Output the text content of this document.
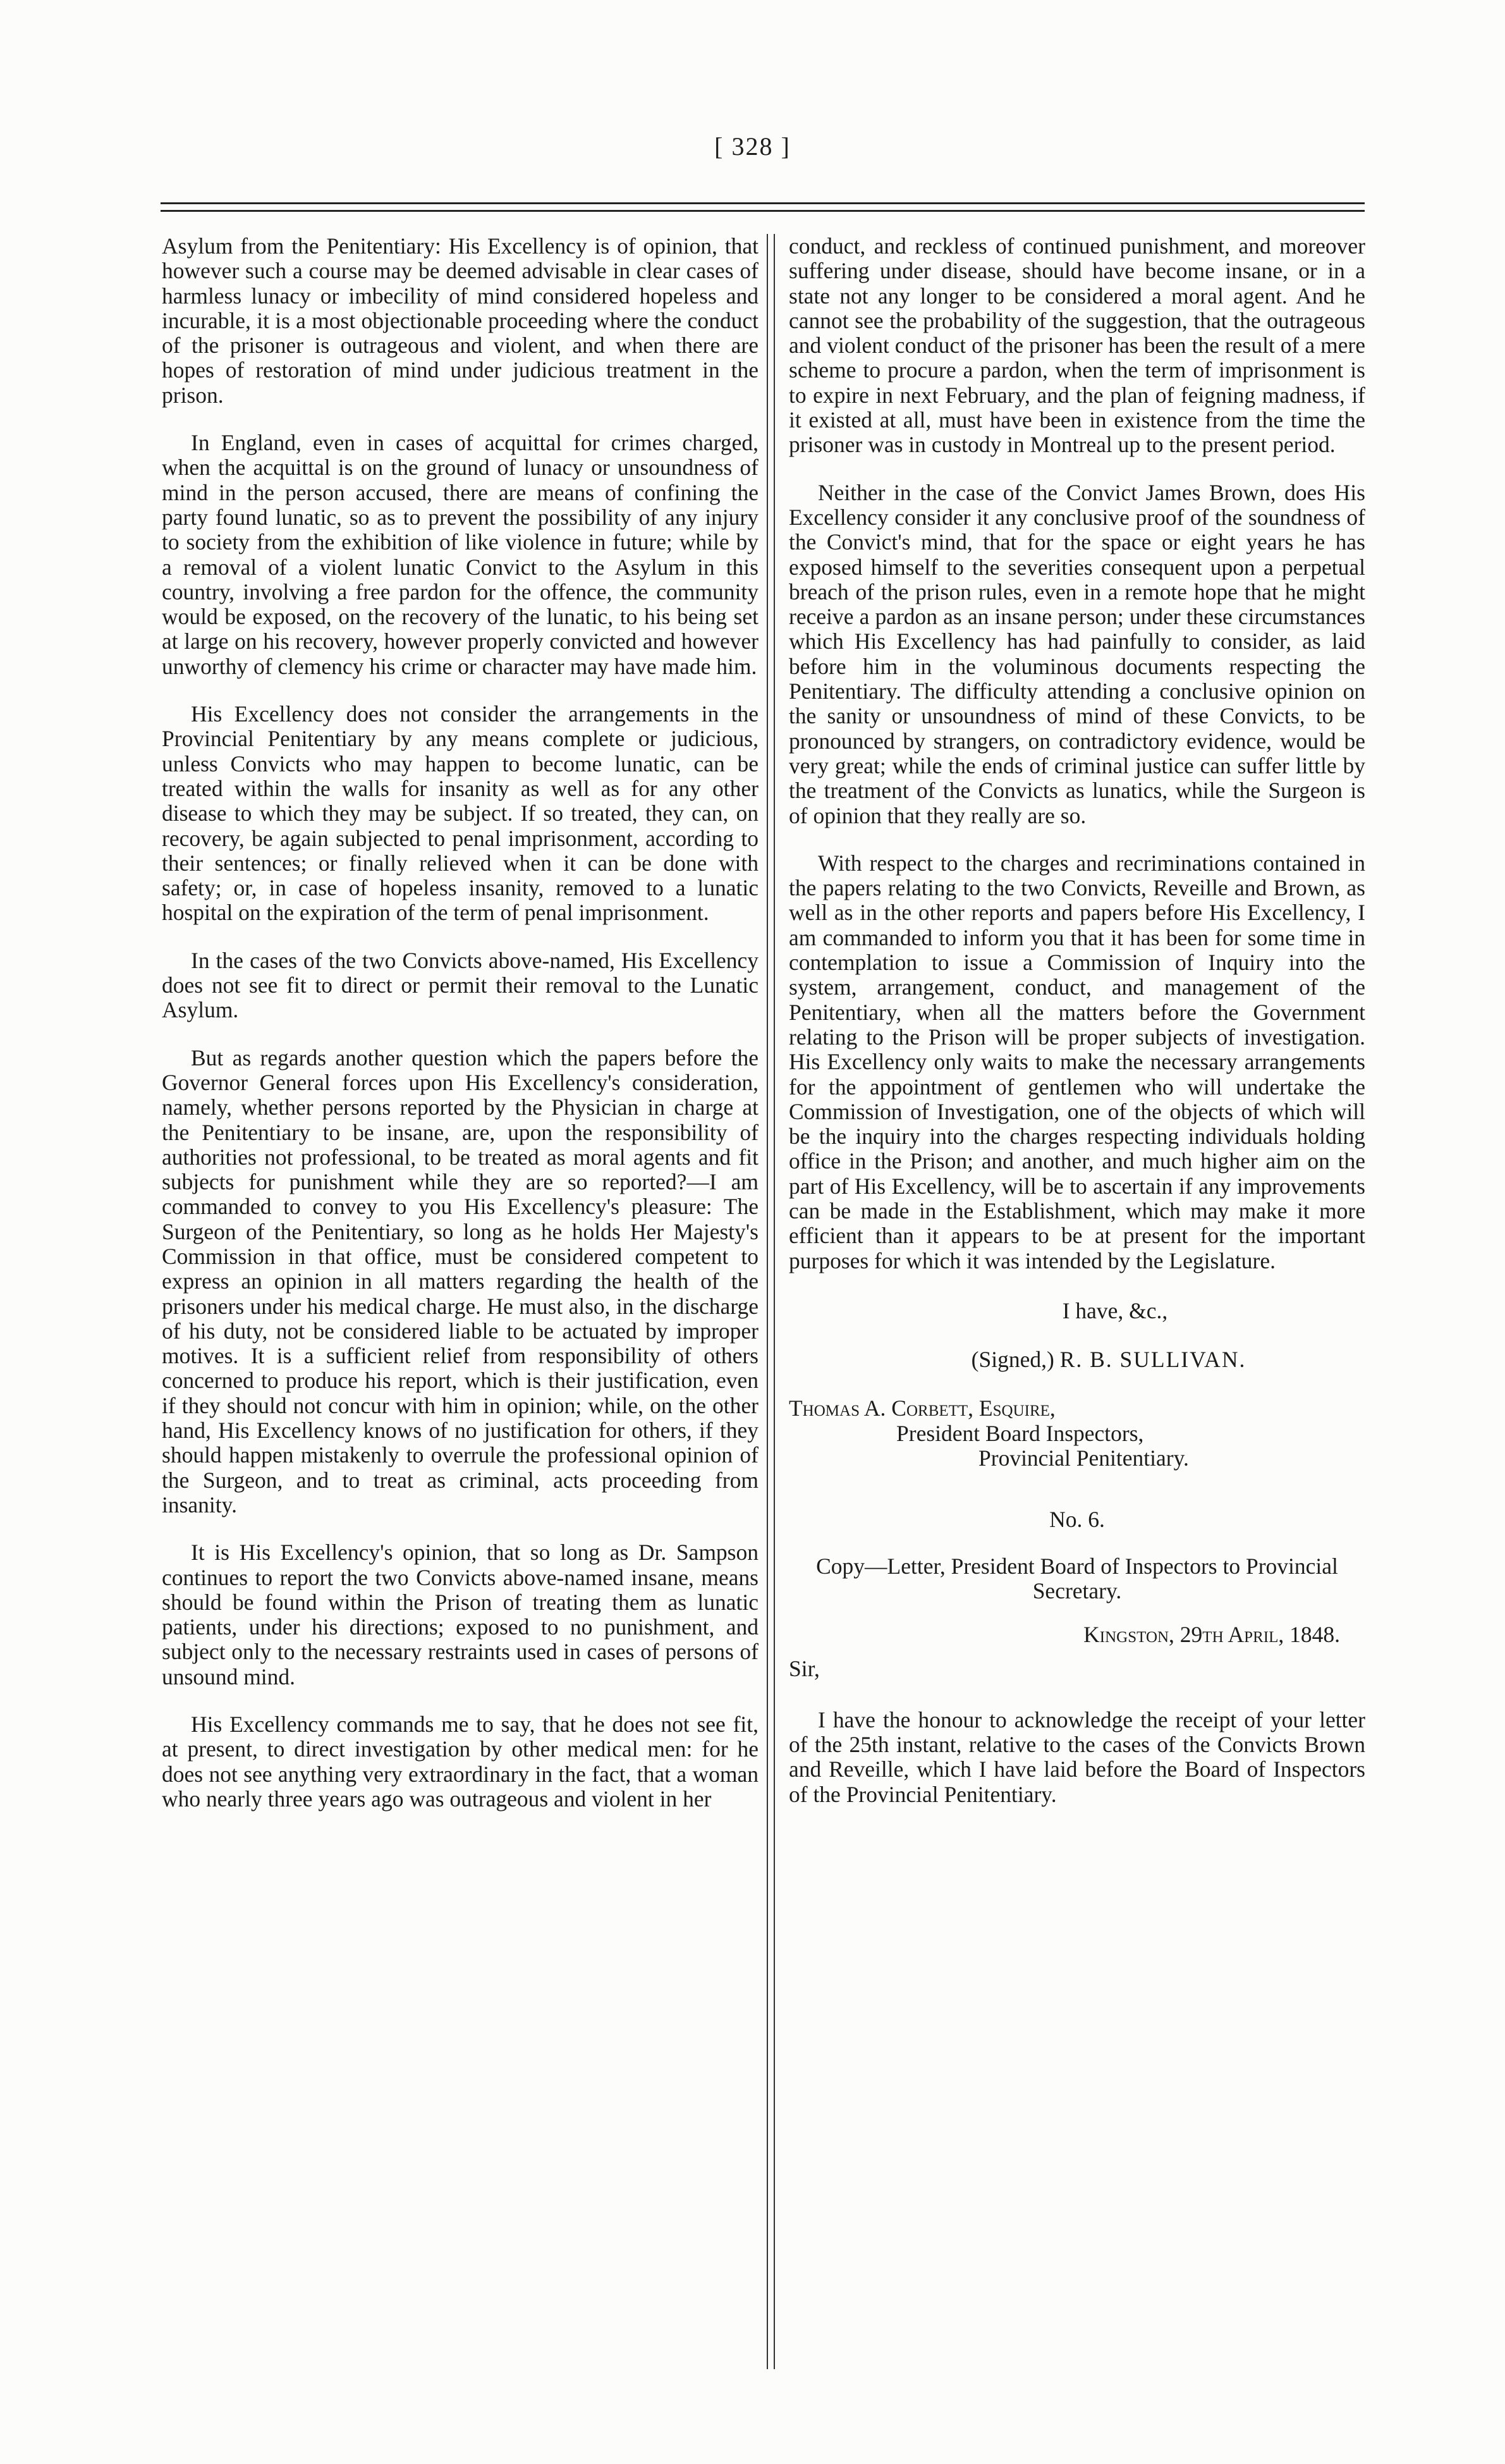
[ 328 ]

Asylum from the Penitentiary: His Excellency is of opinion, that however such a course may be deemed advisable in clear cases of harmless lunacy or imbecility of mind considered hopeless and incurable, it is a most objectionable proceeding where the conduct of the prisoner is outrageous and violent, and when there are hopes of restoration of mind under judicious treatment in the prison.

In England, even in cases of acquittal for crimes charged, when the acquittal is on the ground of lunacy or unsoundness of mind in the person accused, there are means of confining the party found lunatic, so as to prevent the possibility of any injury to society from the exhibition of like violence in future; while by a removal of a violent lunatic Convict to the Asylum in this country, involving a free pardon for the offence, the community would be exposed, on the recovery of the lunatic, to his being set at large on his recovery, however properly convicted and however unworthy of clemency his crime or character may have made him.

His Excellency does not consider the arrangements in the Provincial Penitentiary by any means complete or judicious, unless Convicts who may happen to become lunatic, can be treated within the walls for insanity as well as for any other disease to which they may be subject. If so treated, they can, on recovery, be again subjected to penal imprisonment, according to their sentences; or finally relieved when it can be done with safety; or, in case of hopeless insanity, removed to a lunatic hospital on the expiration of the term of penal imprisonment.

In the cases of the two Convicts above-named, His Excellency does not see fit to direct or permit their removal to the Lunatic Asylum.

But as regards another question which the papers before the Governor General forces upon His Excellency's consideration, namely, whether persons reported by the Physician in charge at the Penitentiary to be insane, are, upon the responsibility of authorities not professional, to be treated as moral agents and fit subjects for punishment while they are so reported?—I am commanded to convey to you His Excellency's pleasure: The Surgeon of the Penitentiary, so long as he holds Her Majesty's Commission in that office, must be considered competent to express an opinion in all matters regarding the health of the prisoners under his medical charge. He must also, in the discharge of his duty, not be considered liable to be actuated by improper motives. It is a sufficient relief from responsibility of others concerned to produce his report, which is their justification, even if they should not concur with him in opinion; while, on the other hand, His Excellency knows of no justification for others, if they should happen mistakenly to overrule the professional opinion of the Surgeon, and to treat as criminal, acts proceeding from insanity.

It is His Excellency's opinion, that so long as Dr. Sampson continues to report the two Convicts above-named insane, means should be found within the Prison of treating them as lunatic patients, under his directions; exposed to no punishment, and subject only to the necessary restraints used in cases of persons of unsound mind.

His Excellency commands me to say, that he does not see fit, at present, to direct investigation by other medical men: for he does not see anything very extraordinary in the fact, that a woman who nearly three years ago was outrageous and violent in her

conduct, and reckless of continued punishment, and moreover suffering under disease, should have become insane, or in a state not any longer to be considered a moral agent. And he cannot see the probability of the suggestion, that the outrageous and violent conduct of the prisoner has been the result of a mere scheme to procure a pardon, when the term of imprisonment is to expire in next February, and the plan of feigning madness, if it existed at all, must have been in existence from the time the prisoner was in custody in Montreal up to the present period.

Neither in the case of the Convict James Brown, does His Excellency consider it any conclusive proof of the soundness of the Convict's mind, that for the space or eight years he has exposed himself to the severities consequent upon a perpetual breach of the prison rules, even in a remote hope that he might receive a pardon as an insane person; under these circumstances which His Excellency has had painfully to consider, as laid before him in the voluminous documents respecting the Penitentiary. The difficulty attending a conclusive opinion on the sanity or unsoundness of mind of these Convicts, to be pronounced by strangers, on contradictory evidence, would be very great; while the ends of criminal justice can suffer little by the treatment of the Convicts as lunatics, while the Surgeon is of opinion that they really are so.

With respect to the charges and recriminations contained in the papers relating to the two Convicts, Reveille and Brown, as well as in the other reports and papers before His Excellency, I am commanded to inform you that it has been for some time in contemplation to issue a Commission of Inquiry into the system, arrangement, conduct, and management of the Penitentiary, when all the matters before the Government relating to the Prison will be proper subjects of investigation. His Excellency only waits to make the necessary arrangements for the appointment of gentlemen who will undertake the Commission of Investigation, one of the objects of which will be the inquiry into the charges respecting individuals holding office in the Prison; and another, and much higher aim on the part of His Excellency, will be to ascertain if any improvements can be made in the Establishment, which may make it more efficient than it appears to be at present for the important purposes for which it was intended by the Legislature.

I have, &c.,
(Signed,) R. B. SULLIVAN.
Thomas A. Corbett, Esquire,
President Board Inspectors,
Provincial Penitentiary.
No. 6.
Copy—Letter, President Board of Inspectors to Provincial Secretary.
Kingston, 29th April, 1848.
Sir,

I have the honour to acknowledge the receipt of your letter of the 25th instant, relative to the cases of the Convicts Brown and Reveille, which I have laid before the Board of Inspectors of the Provincial Penitentiary.
